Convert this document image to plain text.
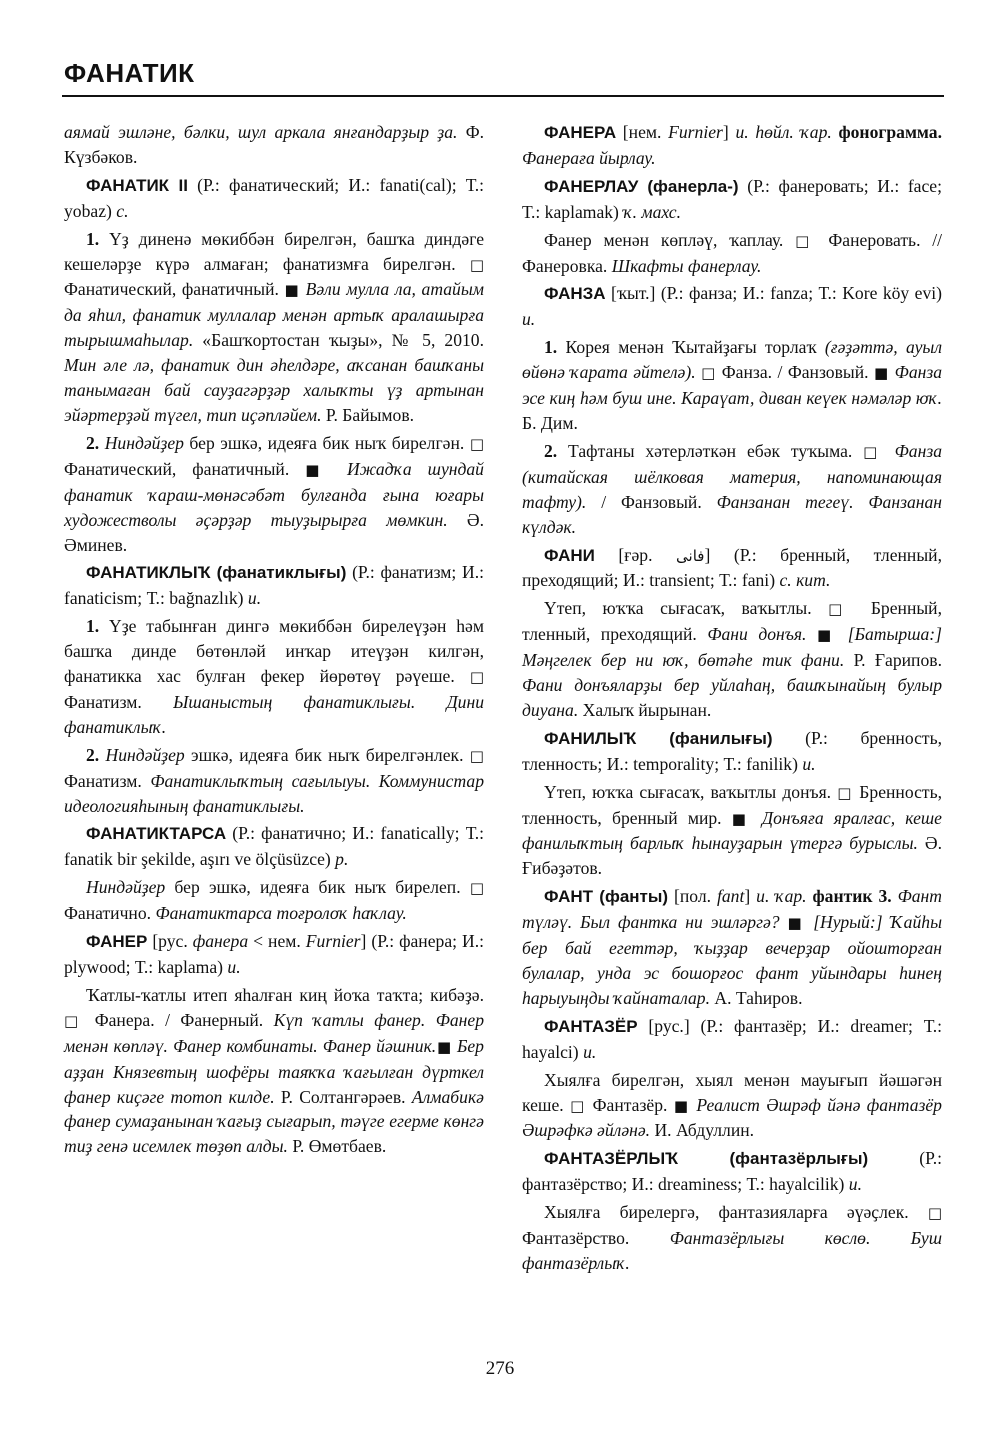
ФАНАТИК

аямай эшләне, бәлки, шул аркала янғандарҙыр ҙа. Ф. Күзбәков.

ФАНАТИК II (Р.: фанатический; И.: fanati(cal); Т.: yobaz) с.

1. Үҙ диненә мөкиббән бирелгән, башҡа диндәге кешеләрҙе күрә алмаған; фанатизмға бирелгән. □ Фанатический, фанатичный. ■ Вәли мулла ла, атайым да яһил, фанатик муллалар менән артыҡ аралашырға тырышмаһылар. «Башҡортостан ҡыҙы», № 5, 2010. Мин әле лә, фанатик дин әһелдәре, аҡсанан башҡаны танымаған бай сауҙагәрҙәр халыҡты үҙ артынан эйәртерҙәй түгел, тип иҫәпләйем. Р. Байымов.

2. Ниндәйҙер бер эшкә, идеяға бик ныҡ бирелгән. □ Фанатический, фанатичный. ■ Ижадҡа шундай фанатик ҡараш-мөнәсәбәт булғанда ғына юғары художестволы әҫәрҙәр тыуҙырырға мөмкин. Ә. Әминев.

ФАНАТИКЛЫҠ (фанатиклығы) (Р.: фанатизм; И.: fanaticism; Т.: bağnazlık) и.

1. Үҙе табынған дингә мөкиббән бирелеүҙән һәм башҡа динде бөтөнләй инҡар итеүҙән килгән, фанатикка хас булған фекер йөрөтөү рәүеше. □ Фанатизм. Ышаныстың фанатиклығы. Дини фанатиклыҡ.

2. Ниндәйҙер эшкә, идеяға бик ныҡ бирелгәнлек. □ Фанатизм. Фанатиклыҡтың сағылыуы. Коммунистар идеологияһының фанатиклығы.

ФАНАТИКТАРСА (Р.: фанатично; И.: fanatically; Т.: fanatik bir şekilde, aşırı ve ölçüsüzce) р.

Ниндәйҙер бер эшкә, идеяға бик ныҡ бирелеп. □ Фанатично. Фанатиктарса тоғролоҡ һаҡлау.

ФАНЕР [рус. фанера < нем. Furnier] (Р.: фанера; И.: plywood; Т.: kaplama) и.

Ҡатлы-ҡатлы итеп яһалған киң йоҡа таҡта; кибәҙә. □ Фанера. / Фанерный. Күп ҡатлы фанер. Фанер менән көпләү. Фанер комбинаты. Фанер йәшник.■ Бер аҙҙан Князевтың шофёры таяҡҡа ҡағылған дүрткел фанер киҫәге тотоп килде. Р. Солтангәрәев. Алмабикә фанер сумаҙанынан ҡағыҙ сығарып, тәүге егерме көнгә тиҙ генә исемлек төҙөп алды. Р. Өмөтбаев.

ФАНЕРА [нем. Furnier] и. һөйл. ҡар. фонограмма. Фанераға йырлау.

ФАНЕРЛАУ (фанерла-) (Р.: фанеровать; И.: face; Т.: kaplamak) ҡ. махс.

Фанер менән көпләү, ҡаплау. □ Фанеровать. // Фанеровка. Шкафты фанерлау.

ФАНЗА [ҡыт.] (Р.: фанза; И.: fanza; Т.: Kore köy evi) и.

1. Корея менән Ҡытайҙағы торлаҡ (ғәҙәттә, ауыл өйөнә ҡарата әйтелә). □ Фанза. / Фанзовый. ■ Фанза эсе киң һәм буш ине. Караүат, диван кеүек нәмәләр юҡ. Б. Дим.

2. Тафтаны хәтерләткән ебәк туҡыма. □ Фанза (китайская шёлковая материя, напоминающая тафту). / Фанзовый. Фанзанан тегеү. Фанзанан күлдәк.

ФАНИ [ғәр. فانی] (Р.: бренный, тленный, преходящий; И.: transient; Т.: fani) с. кит.

Үтеп, юҡҡа сығасаҡ, ваҡытлы. □ Бренный, тленный, преходящий. Фани донъя. ■ [Батырша:] Мәңгелек бер ни юҡ, бөтәһе тик фани. Р. Ғарипов. Фани донъяларҙы бер уйлаһаң, башҡынайың булыр диуана. Халыҡ йырынан.

ФАНИЛЫҠ (фанилығы) (Р.: бренность, тленность; И.: temporality; Т.: fanilik) и.

Үтеп, юҡҡа сығасаҡ, ваҡытлы донъя. □ Бренность, тленность, бренный мир. ■ Донъяға яралғас, кеше фанилыҡтың барлыҡ һынауҙарын үтергә бурыслы. Ә. Ғибәҙәтов.

ФАНТ (фанты) [пол. fant] и. ҡар. фантик 3. Фант түләү. Был фантка ни эшләргә? ■ [Нурый:] Ҡайһы бер бай егеттәр, ҡыҙҙар вечерҙар ойошторған булалар, унда эс бошорғос фант уйындары һинең һарыуыңды ҡайнаталар. А. Таһиров.

ФАНТАЗЁР [рус.] (Р.: фантазёр; И.: dreamer; Т.: hayalci) и.

Хыялға бирелгән, хыял менән мауығып йәшәгән кеше. □ Фантазёр. ■ Реалист Әшрәф йәнә фантазёр Әшрәфкә әйләнә. И. Абдуллин.

ФАНТАЗЁРЛЫҠ (фантазёрлығы) (Р.: фантазёрство; И.: dreaminess; Т.: hayalcilik) и.

Хыялға бирелергә, фантазияларға әүәҫлек. □ Фантазёрство. Фантазёрлығы көслө. Буш фантазёрлыҡ.

276
